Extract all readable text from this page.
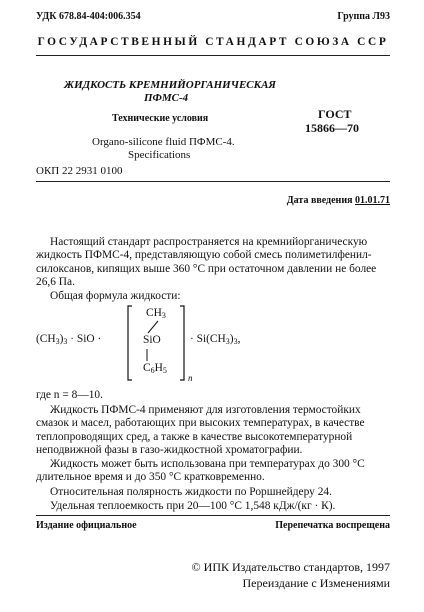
УДК 678.84-404:006.354	Группа Л93
ГОСУДАРСТВЕННЫЙ СТАНДАРТ СОЮЗА ССР
ЖИДКОСТЬ КРЕМНИЙОРГАНИЧЕСКАЯ
ПФМС-4
Технические условия
Organo-silicone fluid ПФМС-4.
Specifications
ГОСТ
15866—70
ОКП 22 2931 0100
Дата введения 01.01.71
Настоящий стандарт распространяется на кремнийорганическую
жидкость ПФМС-4, представляющую собой смесь полиметилфенил-
силоксанов, кипящих выше 360 °С при остаточном давлении не более
26,6 Па.
Общая формула жидкости:
$(CH_3)_3$ · SiO ·
$CH_3$
SiO
$C_6H_5$
n
· $Si(CH_3)_3$,
где n = 8—10.
Жидкость ПФМС-4 применяют для изготовления термостойких
смазок и масел, работающих при высоких температурах, в качестве
теплопроводящих сред, а также в качестве высокотемпературной
неподвижной фазы в газо-жидкостной хроматографии.
Жидкость может быть использована при температурах до 300 °С
длительное время и до 350 °С кратковременно.
Относительная полярность жидкости по Роршнейдеру 24.
Удельная теплоемкость при 20—100 °С 1,548 кДж/(кг · К).
Издание официальное	Перепечатка воспрещена
© ИПК Издательство стандартов, 1997
Переиздание с Изменениями
